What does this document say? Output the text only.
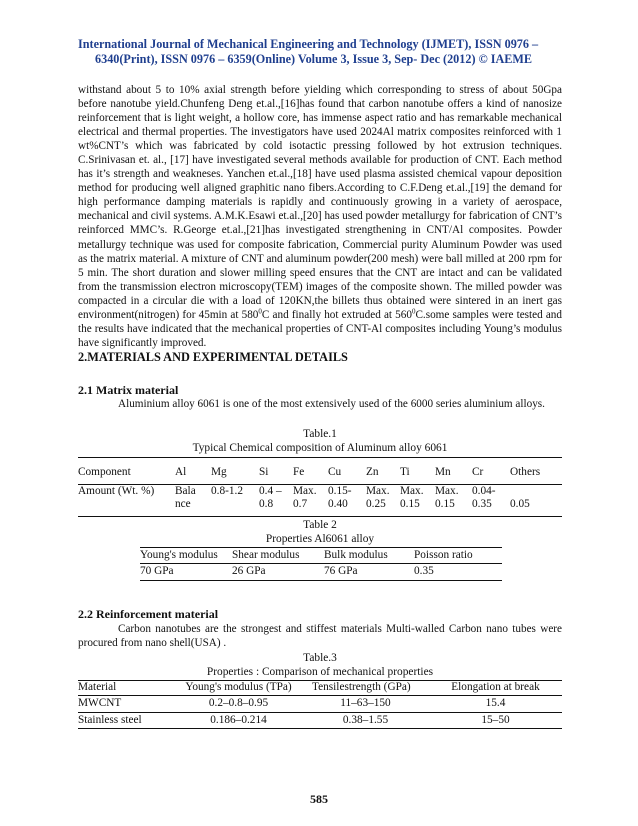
International Journal of Mechanical Engineering and Technology (IJMET), ISSN 0976 –
6340(Print), ISSN 0976 – 6359(Online) Volume 3, Issue 3, Sep- Dec (2012) © IAEME
withstand about 5 to 10% axial strength before yielding which corresponding to stress of about 50Gpa before nanotube yield.Chunfeng Deng et.al.,[16]has found that carbon nanotube offers a kind of nanosize reinforcement that is light weight, a hollow core, has immense aspect ratio and has remarkable mechanical electrical and thermal properties. The investigators have used 2024Al matrix composites reinforced with 1 wt%CNT’s which was fabricated by cold isotactic pressing followed by hot extrusion techniques. C.Srinivasan et. al., [17] have investigated several methods available for production of CNT. Each method has it’s strength and weakneses. Yanchen et.al.,[18] have used plasma assisted chemical vapour deposition method for producing well aligned graphitic nano fibers.According to C.F.Deng et.al.,[19] the demand for high performance damping materials is rapidly and continuously growing in a variety of aerospace, mechanical and civil systems. A.M.K.Esawi et.al.,[20] has used powder metallurgy for fabrication of CNT’s reinforced MMC’s. R.George et.al.,[21]has investigated strengthening in CNT/Al composites. Powder metallurgy technique was used for composite fabrication, Commercial purity Aluminum Powder was used as the matrix material. A mixture of CNT and aluminum powder(200 mesh) were ball milled at 200 rpm for 5 min. The short duration and slower milling speed ensures that the CNT are intact and can be validated from the transmission electron microscopy(TEM) images of the composite shown. The milled powder was compacted in a circular die with a load of 120KN,the billets thus obtained were sintered in an inert gas environment(nitrogen) for 45min at $580^0C$ and finally hot extruded at $560^0C.some$ samples were tested and the results have indicated that the mechanical properties of CNT-Al composites including Young’s modulus have significantly improved.
2.MATERIALS AND EXPERIMENTAL DETAILS
2.1 Matrix material
Aluminium alloy 6061 is one of the most extensively used of the 6000 series aluminium alloys.
Table.1
Typical Chemical composition of Aluminum alloy 6061
Component	Al	Mg	Si	Fe	Cu	Zn	Ti	Mn	Cr	Others
Amount (Wt. %)	Bala	0.8-1.2	0.4 –	Max.	0.15-	Max.	Max.	Max.	0.04-	
	nce		0.8	0.7	0.40	0.25	0.15	0.15	0.35	0.05
Table 2
Properties Al6061 alloy
Young's modulus	Shear modulus	Bulk modulus	Poisson ratio
70 GPa	26 GPa	76 GPa	0.35
2.2 Reinforcement material
Carbon nanotubes are the strongest and stiffest materials Multi-walled Carbon nano tubes were procured from nano shell(USA) .
Table.3
Properties : Comparison of mechanical properties
Material	Young's modulus (TPa)	Tensilestrength (GPa)	Elongation at break
MWCNT	0.2–0.8–0.95	11–63–150	15.4
Stainless steel	0.186–0.214	0.38–1.55	15–50
585
